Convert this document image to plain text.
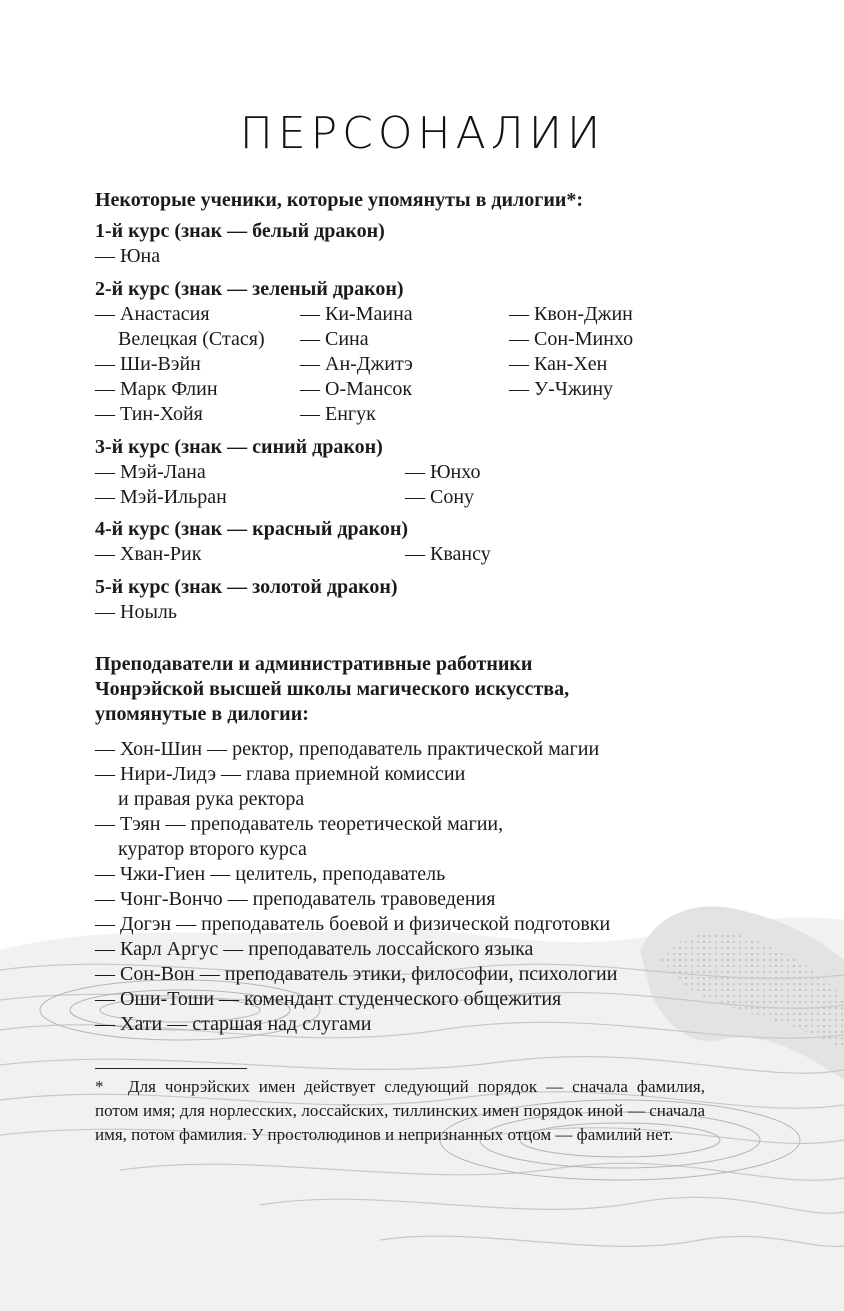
ПЕРСОНАЛИИ
Некоторые ученики, которые упомянуты в дилогии*:
1-й курс (знак — белый дракон)
— Юна
2-й курс (знак — зеленый дракон)
— Анастасия
Велецкая (Стася)
— Ши-Вэйн
— Марк Флин
— Тин-Хойя
— Ки-Маина
— Сина
— Ан-Джитэ
— О-Мансок
— Енгук
— Квон-Джин
— Сон-Минхо
— Кан-Хен
— У-Чжину
3-й курс (знак — синий дракон)
— Мэй-Лана
— Мэй-Ильран
— Юнхо
— Сону
4-й курс (знак — красный дракон)
— Хван-Рик	— Квансу
5-й курс (знак — золотой дракон)
— Ноыль
Преподаватели и административные работники
Чонрэйской высшей школы магического искусства,
упомянутые в дилогии:
— Хон-Шин — ректор, преподаватель практической магии
— Нири-Лидэ — глава приемной комиссии
и правая рука ректора
— Тэян — преподаватель теоретической магии,
куратор второго курса
— Чжи-Гиен — целитель, преподаватель
— Чонг-Вончо — преподаватель травоведения
— Догэн — преподаватель боевой и физической подготовки
— Карл Аргус — преподаватель лоссайского языка
— Сон-Вон — преподаватель этики, философии, психологии
— Оши-Тоши — комендант студенческого общежития
— Хати — старшая над слугами
* Для чонрэйских имен действует следующий порядок — сначала фамилия, потом имя; для норлесских, лоссайских, тиллинских имен порядок иной — сначала имя, потом фамилия. У простолюдинов и непризнанных отцом — фамилий нет.
